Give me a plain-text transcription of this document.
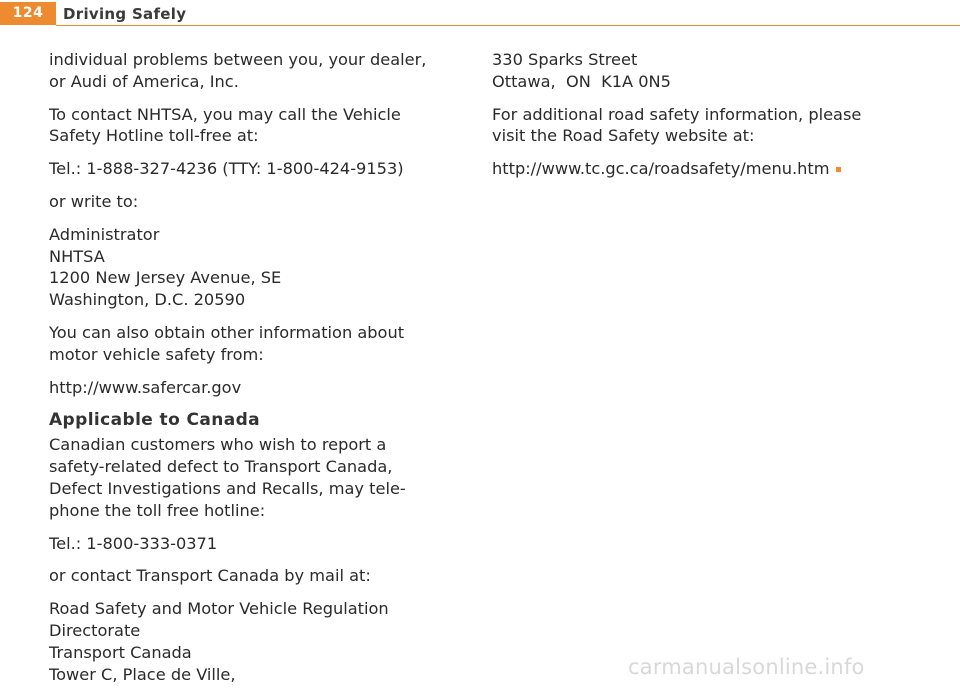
124	Driving Safely

individual problems between you, your dealer,
or Audi of America, Inc.

To contact NHTSA, you may call the Vehicle
Safety Hotline toll-free at:

Tel.: 1-888-327-4236 (TTY: 1-800-424-9153)

or write to:

Administrator
NHTSA
1200 New Jersey Avenue, SE
Washington, D.C. 20590

You can also obtain other information about
motor vehicle safety from:

http://www.safercar.gov

Applicable to Canada

Canadian customers who wish to report a
safety-related defect to Transport Canada,
Defect Investigations and Recalls, may tele-
phone the toll free hotline:

Tel.: 1-800-333-0371

or contact Transport Canada by mail at:

Road Safety and Motor Vehicle Regulation
Directorate
Transport Canada
Tower C, Place de Ville,

330 Sparks Street
Ottawa,  ON  K1A 0N5

For additional road safety information, please
visit the Road Safety website at:

http://www.tc.gc.ca/roadsafety/menu.htm

carmanualsonline.info
